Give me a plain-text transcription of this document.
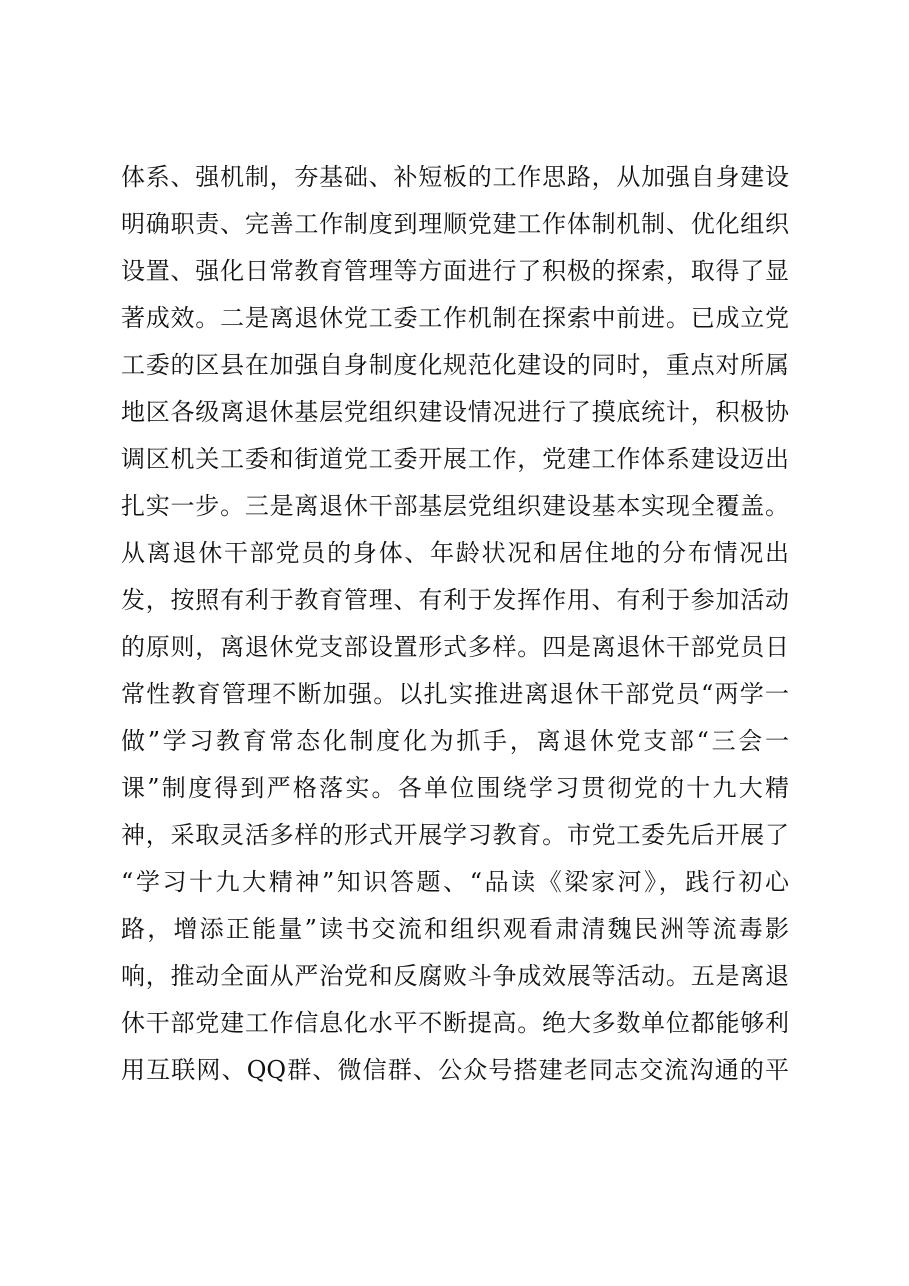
体系、强机制，夯基础、补短板的工作思路，从加强自身建设
明确职责、完善工作制度到理顺党建工作体制机制、优化组织
设置、强化日常教育管理等方面进行了积极的探索，取得了显
著成效。二是离退休党工委工作机制在探索中前进。已成立党
工委的区县在加强自身制度化规范化建设的同时，重点对所属
地区各级离退休基层党组织建设情况进行了摸底统计，积极协
调区机关工委和街道党工委开展工作，党建工作体系建设迈出
扎实一步。三是离退休干部基层党组织建设基本实现全覆盖。
从离退休干部党员的身体、年龄状况和居住地的分布情况出
发，按照有利于教育管理、有利于发挥作用、有利于参加活动
的原则，离退休党支部设置形式多样。四是离退休干部党员日
常性教育管理不断加强。以扎实推进离退休干部党员“两学一
做”学习教育常态化制度化为抓手，离退休党支部“三会一
课”制度得到严格落实。各单位围绕学习贯彻党的十九大精
神，采取灵活多样的形式开展学习教育。市党工委先后开展了
“学习十九大精神”知识答题、“品读《梁家河》，践行初心
路，增添正能量”读书交流和组织观看肃清魏民洲等流毒影
响，推动全面从严治党和反腐败斗争成效展等活动。五是离退
休干部党建工作信息化水平不断提高。绝大多数单位都能够利
用互联网、QQ群、微信群、公众号搭建老同志交流沟通的平
